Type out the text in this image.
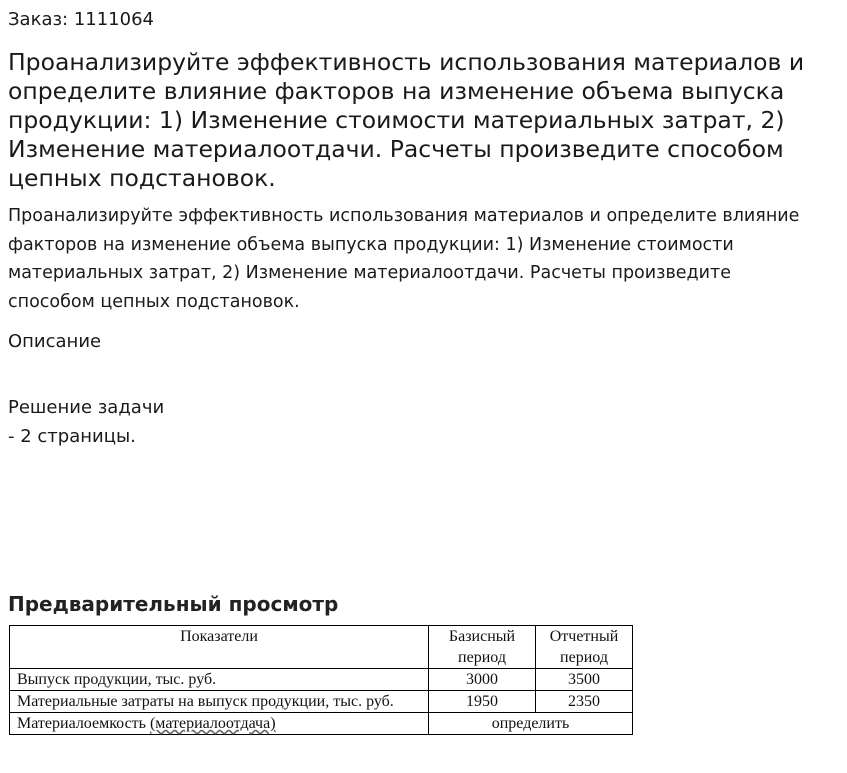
Заказ: 1111064

Проанализируйте эффективность использования материалов и определите влияние факторов на изменение объема выпуска продукции: 1) Изменение стоимости материальных затрат, 2) Изменение материалоотдачи. Расчеты произведите способом цепных подстановок.

Проанализируйте эффективность использования материалов и определите влияние факторов на изменение объема выпуска продукции: 1) Изменение стоимости материальных затрат, 2) Изменение материалоотдачи. Расчеты произведите способом цепных подстановок.

Описание

Решение задачи
- 2 страницы.
Предварительный просмотр
Показатели	Базисный период	Отчетный период
Выпуск продукции, тыс. руб.	3000	3500
Материальные затраты на выпуск продукции, тыс. руб.	1950	2350
Материалоемкость (материалоотдача)	определить	
